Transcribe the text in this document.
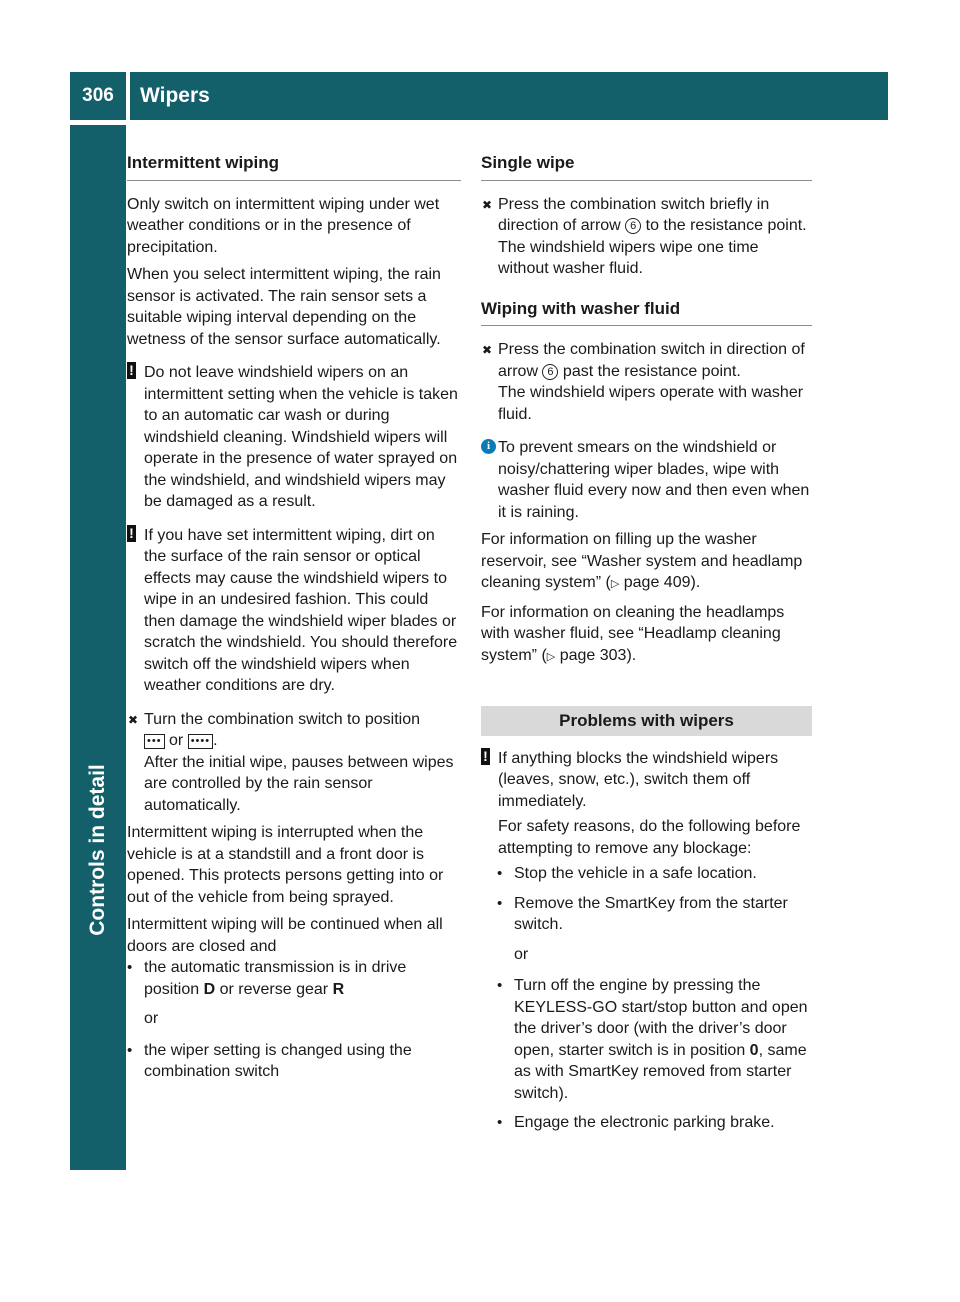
306	Wipers
Controls in detail
Intermittent wiping

Only switch on intermittent wiping under wet weather conditions or in the presence of precipitation.

When you select intermittent wiping, the rain sensor is activated. The rain sensor sets a suitable wiping interval depending on the wetness of the sensor surface automatically.

! Do not leave windshield wipers on an intermittent setting when the vehicle is taken to an automatic car wash or during windshield cleaning. Windshield wipers will operate in the presence of water sprayed on the windshield, and windshield wipers may be damaged as a result.
! If you have set intermittent wiping, dirt on the surface of the rain sensor or optical effects may cause the windshield wipers to wipe in an undesired fashion. This could then damage the windshield wiper blades or scratch the windshield. You should therefore switch off the windshield wipers when weather conditions are dry.
✖ Turn the combination switch to position
••• or •••• .
After the initial wipe, pauses between wipes are controlled by the rain sensor automatically.

Intermittent wiping is interrupted when the vehicle is at a standstill and a front door is opened. This protects persons getting into or out of the vehicle from being sprayed.

Intermittent wiping will be continued when all doors are closed and

• the automatic transmission is in drive position D or reverse gear R
or
• the wiper setting is changed using the combination switch
Single wipe
✖ Press the combination switch briefly in direction of arrow 6 to the resistance point.
The windshield wipers wipe one time without washer fluid.
Wiping with washer fluid
✖ Press the combination switch in direction of arrow 6 past the resistance point.
The windshield wipers operate with washer fluid.
i To prevent smears on the windshield or noisy/chattering wiper blades, wipe with washer fluid every now and then even when it is raining.

For information on filling up the washer reservoir, see “Washer system and headlamp cleaning system” (▷ page 409).

For information on cleaning the headlamps with washer fluid, see “Headlamp cleaning system” (▷ page 303).

Problems with wipers
! If anything blocks the windshield wipers (leaves, snow, etc.), switch them off immediately.
For safety reasons, do the following before attempting to remove any blockage:
• Stop the vehicle in a safe location.
• Remove the SmartKey from the starter switch.
or
• Turn off the engine by pressing the KEYLESS-GO start/stop button and open the driver’s door (with the driver’s door open, starter switch is in position 0, same as with SmartKey removed from starter switch).
• Engage the electronic parking brake.
